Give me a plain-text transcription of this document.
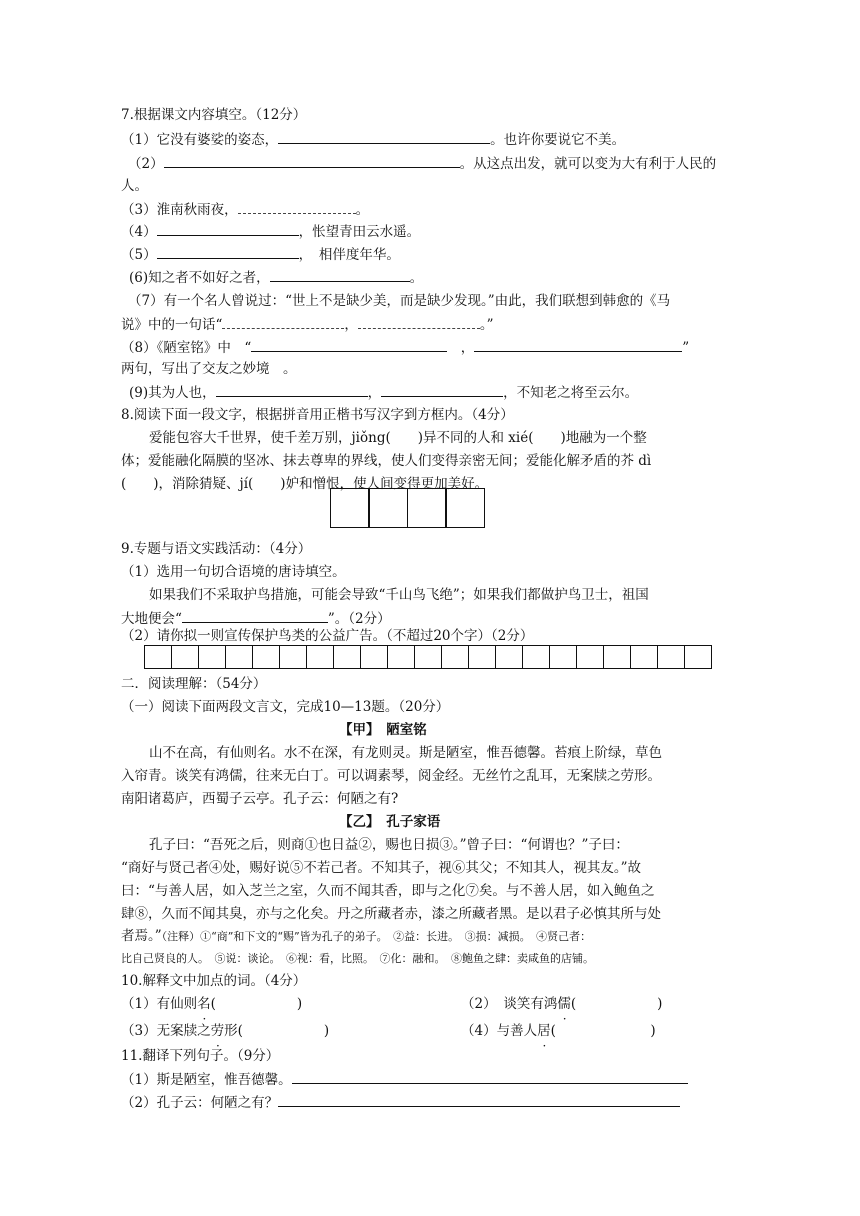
7.根据课文内容填空。（12分）
（1）它没有婆娑的姿态，	。也许你要说它不美。
（2）	。从这点出发，就可以变为大有利于人民的
人。
（3）淮南秋雨夜，	。
（4）	，怅望青田云水遥。
（5）	，　相伴度年华。
(6)知之者不如好之者，	。
（7）有一个名人曾说过：“世上不是缺少美，而是缺少发现。”由此，我们联想到韩愈的《马
说》中的一句话“	，	。”
（8）《陋室铭》中　“　	，	”
两句，写出了交友之妙境　。
(9)其为人也，	，	，不知老之将至云尔。
8.阅读下面一段文字，根据拼音用正楷书写汉字到方框内。（4分）
爱能包容大千世界，使千差万别，jiǒng(　　)异不同的人和 xié(　　)地融为一个整
体；爱能融化隔膜的坚冰、抹去尊卑的界线，使人们变得亲密无间；爱能化解矛盾的芥 dì
(　　)，消除猜疑、jí(　　)妒和憎恨，使人间变得更加美好。
9.专题与语文实践活动：（4分）
（1）选用一句切合语境的唐诗填空。
如果我们不采取护鸟措施，可能会导致“千山鸟飞绝”；如果我们都做护鸟卫士，祖国
大地便会“	”。（2分）
（2）请你拟一则宣传保护鸟类的公益广告。（不超过20个字）（2分）
二．阅读理解：（54分）
（一）阅读下面两段文言文，完成10—13题。（20分）
【甲】　陋室铭
山不在高，有仙则名。水不在深，有龙则灵。斯是陋室，惟吾德馨。苔痕上阶绿，草色
入帘青。谈笑有鸿儒，往来无白丁。可以调素琴，阅金经。无丝竹之乱耳，无案牍之劳形。
南阳诸葛庐，西蜀子云亭。孔子云：何陋之有?
【乙】　孔子家语
孔子曰：“吾死之后，则商①也日益②，赐也日损③。”曾子曰：“何谓也？”子曰：
“商好与贤己者④处，赐好说⑤不若己者。不知其子，视⑥其父；不知其人，视其友。”故
曰：“与善人居，如入芝兰之室，久而不闻其香，即与之化⑦矣。与不善人居，如入鲍鱼之
肆⑧，久而不闻其臭，亦与之化矣。丹之所藏者赤，漆之所藏者黑。是以君子必慎其所与处
者焉。”（注释）①“商”和下文的“赐”皆为孔子的弟子。　②益：长进。　③损：减损。　④贤己者：
比自己贤良的人。　⑤说：谈论。　⑥视：看，比照。　⑦化：融和。　⑧鲍鱼之肆：卖咸鱼的店铺。
10.解释文中加点的词。（4分）
（1）有仙则名(　　　　　　)	（2）　谈笑有鸿儒(　　　　　　)
（3）无案牍之劳形(　　　　　　)	（4）与善人居(　　　　　　　)
11.翻译下列句子。（9分）
（1）斯是陋室，惟吾德馨。
（2）孔子云：何陋之有？
